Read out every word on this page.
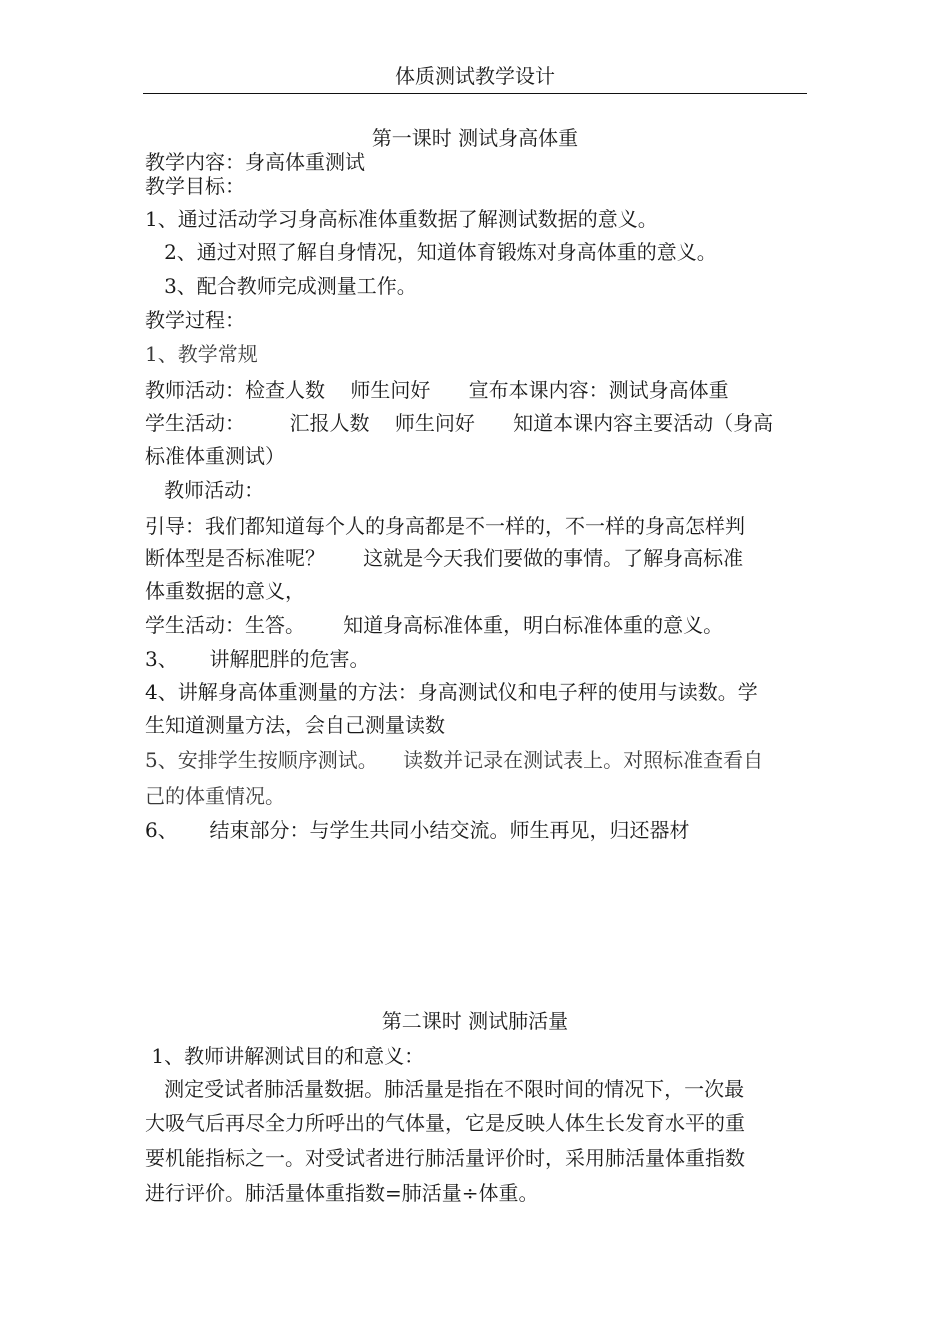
体质测试教学设计
第一课时 测试身高体重
教学内容：身高体重测试
教学目标：
1、通过活动学习身高标准体重数据了解测试数据的意义。
2、通过对照了解自身情况，知道体育锻炼对身高体重的意义。
3、配合教师完成测量工作。
教学过程：
1、教学常规
教师活动：检查人数    师生问好      宣布本课内容：测试身高体重
学生活动：       汇报人数    师生问好      知道本课内容主要活动（身高
标准体重测试）
教师活动：
引导：我们都知道每个人的身高都是不一样的，不一样的身高怎样判
断体型是否标准呢？      这就是今天我们要做的事情。了解身高标准
体重数据的意义，
学生活动：生答。      知道身高标准体重，明白标准体重的意义。
3、     讲解肥胖的危害。
4、讲解身高体重测量的方法：身高测试仪和电子秤的使用与读数。学
生知道测量方法，会自己测量读数
5、安排学生按顺序测试。    读数并记录在测试表上。对照标准查看自
己的体重情况。
6、     结束部分：与学生共同小结交流。师生再见，归还器材
第二课时 测试肺活量
1、教师讲解测试目的和意义：
测定受试者肺活量数据。肺活量是指在不限时间的情况下，一次最
大吸气后再尽全力所呼出的气体量，它是反映人体生长发育水平的重
要机能指标之一。对受试者进行肺活量评价时，采用肺活量体重指数
进行评价。肺活量体重指数=肺活量÷体重。
